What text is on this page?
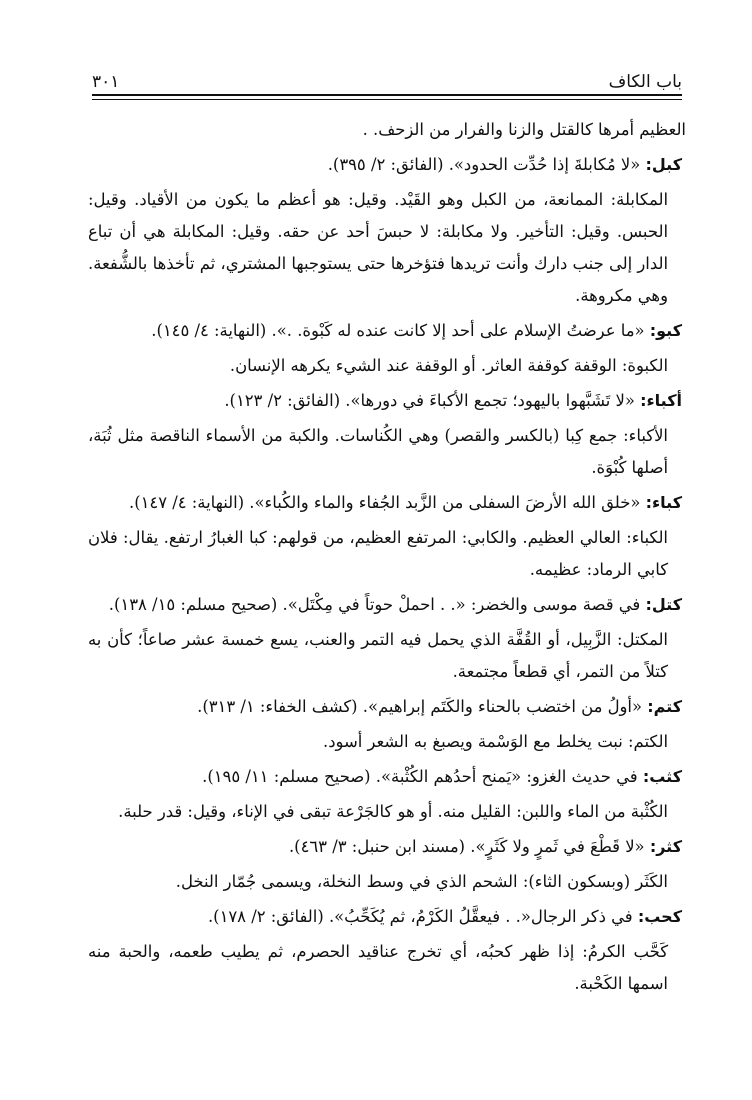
باب الكاف
٣٠١

العظيم أمرها كالقتل والزنا والفرار من الزحف. .

كبل: «لا مُكابلةَ إذا حُدِّت الحدود». (الفائق: ٢/ ٣٩٥).

المكابلة: الممانعة، من الكبل وهو القَيْد. وقيل: هو أعظم ما يكون من الأقياد. وقيل: الحبس. وقيل: التأخير. ولا مكابلة: لا حبسَ أحد عن حقه. وقيل: المكابلة هي أن تباع الدار إلى جنب دارك وأنت تريدها فتؤخرها حتى يستوجبها المشتري، ثم تأخذها بالشُّفعة. وهي مكروهة.

كبو: «ما عرضتُ الإسلام على أحد إلا كانت عنده له كَبْوة. .». (النهاية: ٤/ ١٤٥).

الكبوة: الوقفة كوقفة العاثر. أو الوقفة عند الشيء يكرهه الإنسان.

أكباء: «لا تَشَبَّهوا باليهود؛ تجمع الأكباءَ في دورها». (الفائق: ٢/ ١٢٣).

الأكباء: جمع كِبا (بالكسر والقصر) وهي الكُناسات. والكبة من الأسماء الناقصة مثل ثُبَة، أصلها كُبْوَة.

كباء: «خلق الله الأرضَ السفلى من الزَّبد الجُفاء والماء والكُباء». (النهاية: ٤/ ١٤٧).

الكباء: العالي العظيم. والكابي: المرتفع العظيم، من قولهم: كبا الغبارُ ارتفع. يقال: فلان كابي الرماد: عظيمه.

كتل: في قصة موسى والخضر: «. . احملْ حوتاً في مِكْتَل». (صحيح مسلم: ١٥/ ١٣٨).

المكتل: الزَّبِيل، أو القُفَّة الذي يحمل فيه التمر والعنب، يسع خمسة عشر صاعاً؛ كأن به كتلاً من التمر، أي قطعاً مجتمعة.

كتم: «أولُ من اختضب بالحناء والكَتَم إبراهيم». (كشف الخفاء: ١/ ٣١٣).

الكتم: نبت يخلط مع الوَسْمة ويصبغ به الشعر أسود.

كثب: في حديث الغزو: «يَمنح أحدُهم الكُثْبة». (صحيح مسلم: ١١/ ١٩٥).

الكُثْبة من الماء واللبن: القليل منه. أو هو كالجَرْعة تبقى في الإناء، وقيل: قدر حلبة.

كثر: «لا قَطْعَ في ثَمرٍ ولا كَثَرٍ». (مسند ابن حنبل: ٣/ ٤٦٣).

الكَثَر (وبسكون الثاء): الشحم الذي في وسط النخلة، ويسمى جُمّار النخل.

كحب: في ذكر الرجال«. . فيعقَّلُ الكَرْمُ، ثم يُكَحِّبُ». (الفائق: ٢/ ١٧٨).

كَحَّب الكرمُ: إذا ظهر كحبُه، أي تخرج عناقيد الحصرم، ثم يطيب طعمه، والحبة منه اسمها الكَحْبة.
